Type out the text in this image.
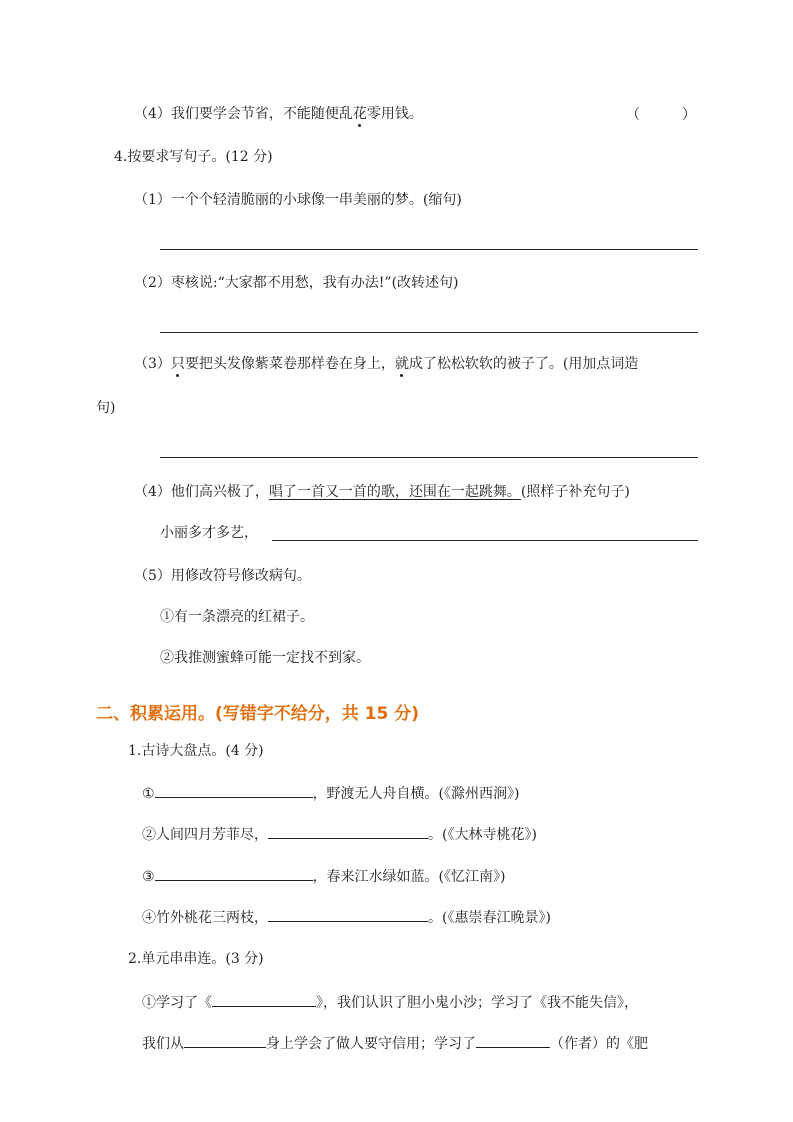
（4）我们要学会节省，不能随便乱花零用钱。	（	）
4.按要求写句子。(12 分)
（1）一个个轻清脆丽的小球像一串美丽的梦。(缩句)
（2）枣核说:“大家都不用愁，我有办法!”(改转述句)
（3）只要把头发像紫菜卷那样卷在身上，就成了松松软软的被子了。(用加点词造
句)
（4）他们高兴极了，唱了一首又一首的歌，还围在一起跳舞。(照样子补充句子)
小丽多才多艺，
（5）用修改符号修改病句。
①有一条漂亮的红裙子。
②我推测蜜蜂可能一定找不到家。
二、积累运用。(写错字不给分，共 15 分)
1.古诗大盘点。(4 分)
①	，野渡无人舟自横。(《滁州西涧》)
②人间四月芳菲尽，	。(《大林寺桃花》)
③	，春来江水绿如蓝。(《忆江南》)
④竹外桃花三两枝，	。(《惠崇春江晚景》)
2.单元串串连。(3 分)
①学习了《	》，我们认识了胆小鬼小沙；学习了《我不能失信》，
我们从	身上学会了做人要守信用；学习了	（作者）的《肥
